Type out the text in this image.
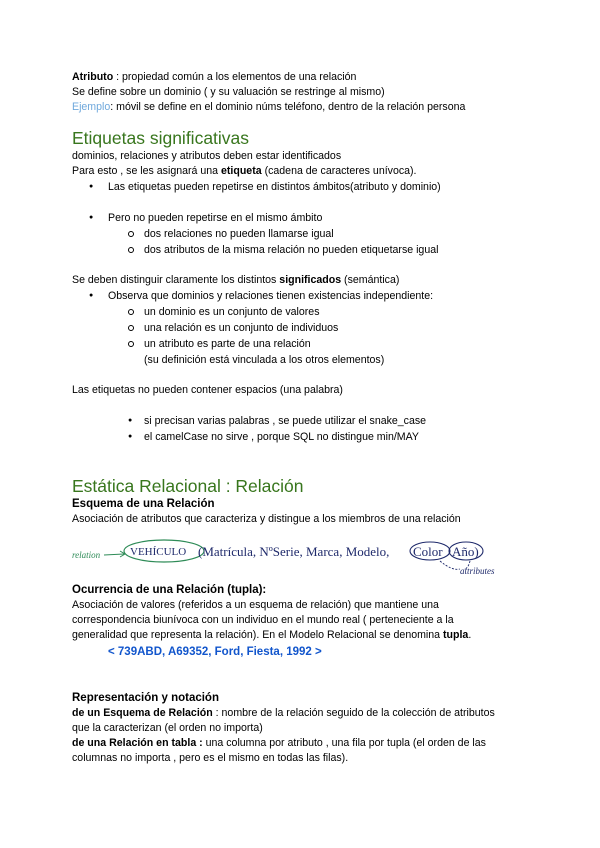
Atributo : propiedad común a los elementos de una relación
Se define sobre un dominio ( y su valuación se restringe al mismo)
Ejemplo: móvil se define en el dominio núms teléfono, dentro de la relación persona
Etiquetas significativas
dominios, relaciones y atributos deben estar identificados
Para esto , se les asignará una etiqueta (cadena de caracteres unívoca).
● Las etiquetas pueden repetirse en distintos ámbitos(atributo y dominio)
● Pero no pueden repetirse en el mismo ámbito
dos relaciones no pueden llamarse igual
dos atributos de la misma relación no pueden etiquetarse igual
Se deben distinguir claramente los distintos significados (semántica)
● Observa que dominios y relaciones tienen existencias independiente:
un dominio es un conjunto de valores
una relación es un conjunto de individuos
un atributo es parte de una relación
(su definición está vinculada a los otros elementos)
Las etiquetas no pueden contener espacios (una palabra)
● si precisan varias palabras , se puede utilizar el snake_case
● el camelCase no sirve , porque SQL no distingue min/MAY
Estática Relacional : Relación
Esquema de una Relación
Asociación de atributos que caracteriza y distingue a los miembros de una relación
relation	VEHÍCULO (Matrícula, NºSerie, Marca, Modelo, Color Año)
attributes
Ocurrencia de una Relación (tupla):
Asociación de valores (referidos a un esquema de relación) que mantiene una
correspondencia biunívoca con un individuo en el mundo real ( perteneciente a la
generalidad que representa la relación). En el Modelo Relacional se denomina tupla.
< 739ABD, A69352, Ford, Fiesta, 1992 >
Representación y notación
de un Esquema de Relación : nombre de la relación seguido de la colección de atributos
que la caracterizan (el orden no importa)
de una Relación en tabla : una columna por atributo , una fila por tupla (el orden de las
columnas no importa , pero es el mismo en todas las filas).
